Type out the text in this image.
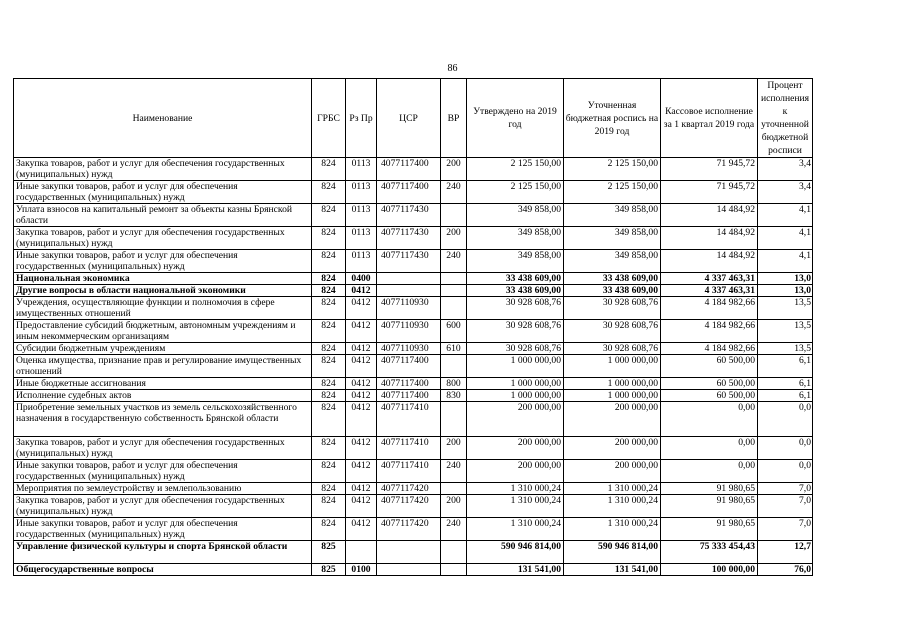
86
Наименование	ГРБС	Рз Пр	ЦСР	ВР	Утверждено на 2019 год	Уточненная бюджетная роспись на 2019 год	Кассовое исполнение за 1 квартал 2019 года	Процент исполнения к уточненной бюджетной росписи
Закупка товаров, работ и услуг для обеспечения государственных (муниципальных) нужд	824	0113	4077117400	200	2 125 150,00	2 125 150,00	71 945,72	3,4
Иные закупки товаров, работ и услуг для обеспечения государственных (муниципальных) нужд	824	0113	4077117400	240	2 125 150,00	2 125 150,00	71 945,72	3,4
Уплата взносов на капитальный ремонт за объекты казны Брянской области	824	0113	4077117430		349 858,00	349 858,00	14 484,92	4,1
Закупка товаров, работ и услуг для обеспечения государственных (муниципальных) нужд	824	0113	4077117430	200	349 858,00	349 858,00	14 484,92	4,1
Иные закупки товаров, работ и услуг для обеспечения государственных (муниципальных) нужд	824	0113	4077117430	240	349 858,00	349 858,00	14 484,92	4,1
Национальная экономика	824	0400			33 438 609,00	33 438 609,00	4 337 463,31	13,0
Другие вопросы в области национальной экономики	824	0412			33 438 609,00	33 438 609,00	4 337 463,31	13,0
Учреждения, осуществляющие функции и полномочия в сфере имущественных отношений	824	0412	4077110930		30 928 608,76	30 928 608,76	4 184 982,66	13,5
Предоставление субсидий бюджетным, автономным учреждениям и иным некоммерческим организациям	824	0412	4077110930	600	30 928 608,76	30 928 608,76	4 184 982,66	13,5
Субсидии бюджетным учреждениям	824	0412	4077110930	610	30 928 608,76	30 928 608,76	4 184 982,66	13,5
Оценка имущества, признание прав и регулирование имущественных отношений	824	0412	4077117400		1 000 000,00	1 000 000,00	60 500,00	6,1
Иные бюджетные ассигнования	824	0412	4077117400	800	1 000 000,00	1 000 000,00	60 500,00	6,1
Исполнение судебных актов	824	0412	4077117400	830	1 000 000,00	1 000 000,00	60 500,00	6,1
Приобретение земельных участков из земель сельскохозяйственного назначения в государственную собственность Брянской области	824	0412	4077117410		200 000,00	200 000,00	0,00	0,0
Закупка товаров, работ и услуг для обеспечения государственных (муниципальных) нужд	824	0412	4077117410	200	200 000,00	200 000,00	0,00	0,0
Иные закупки товаров, работ и услуг для обеспечения государственных (муниципальных) нужд	824	0412	4077117410	240	200 000,00	200 000,00	0,00	0,0
Мероприятия по землеустройству и землепользованию	824	0412	4077117420		1 310 000,24	1 310 000,24	91 980,65	7,0
Закупка товаров, работ и услуг для обеспечения государственных (муниципальных) нужд	824	0412	4077117420	200	1 310 000,24	1 310 000,24	91 980,65	7,0
Иные закупки товаров, работ и услуг для обеспечения государственных (муниципальных) нужд	824	0412	4077117420	240	1 310 000,24	1 310 000,24	91 980,65	7,0
Управление физической культуры и спорта Брянской области	825				590 946 814,00	590 946 814,00	75 333 454,43	12,7
Общегосударственные вопросы	825	0100			131 541,00	131 541,00	100 000,00	76,0
